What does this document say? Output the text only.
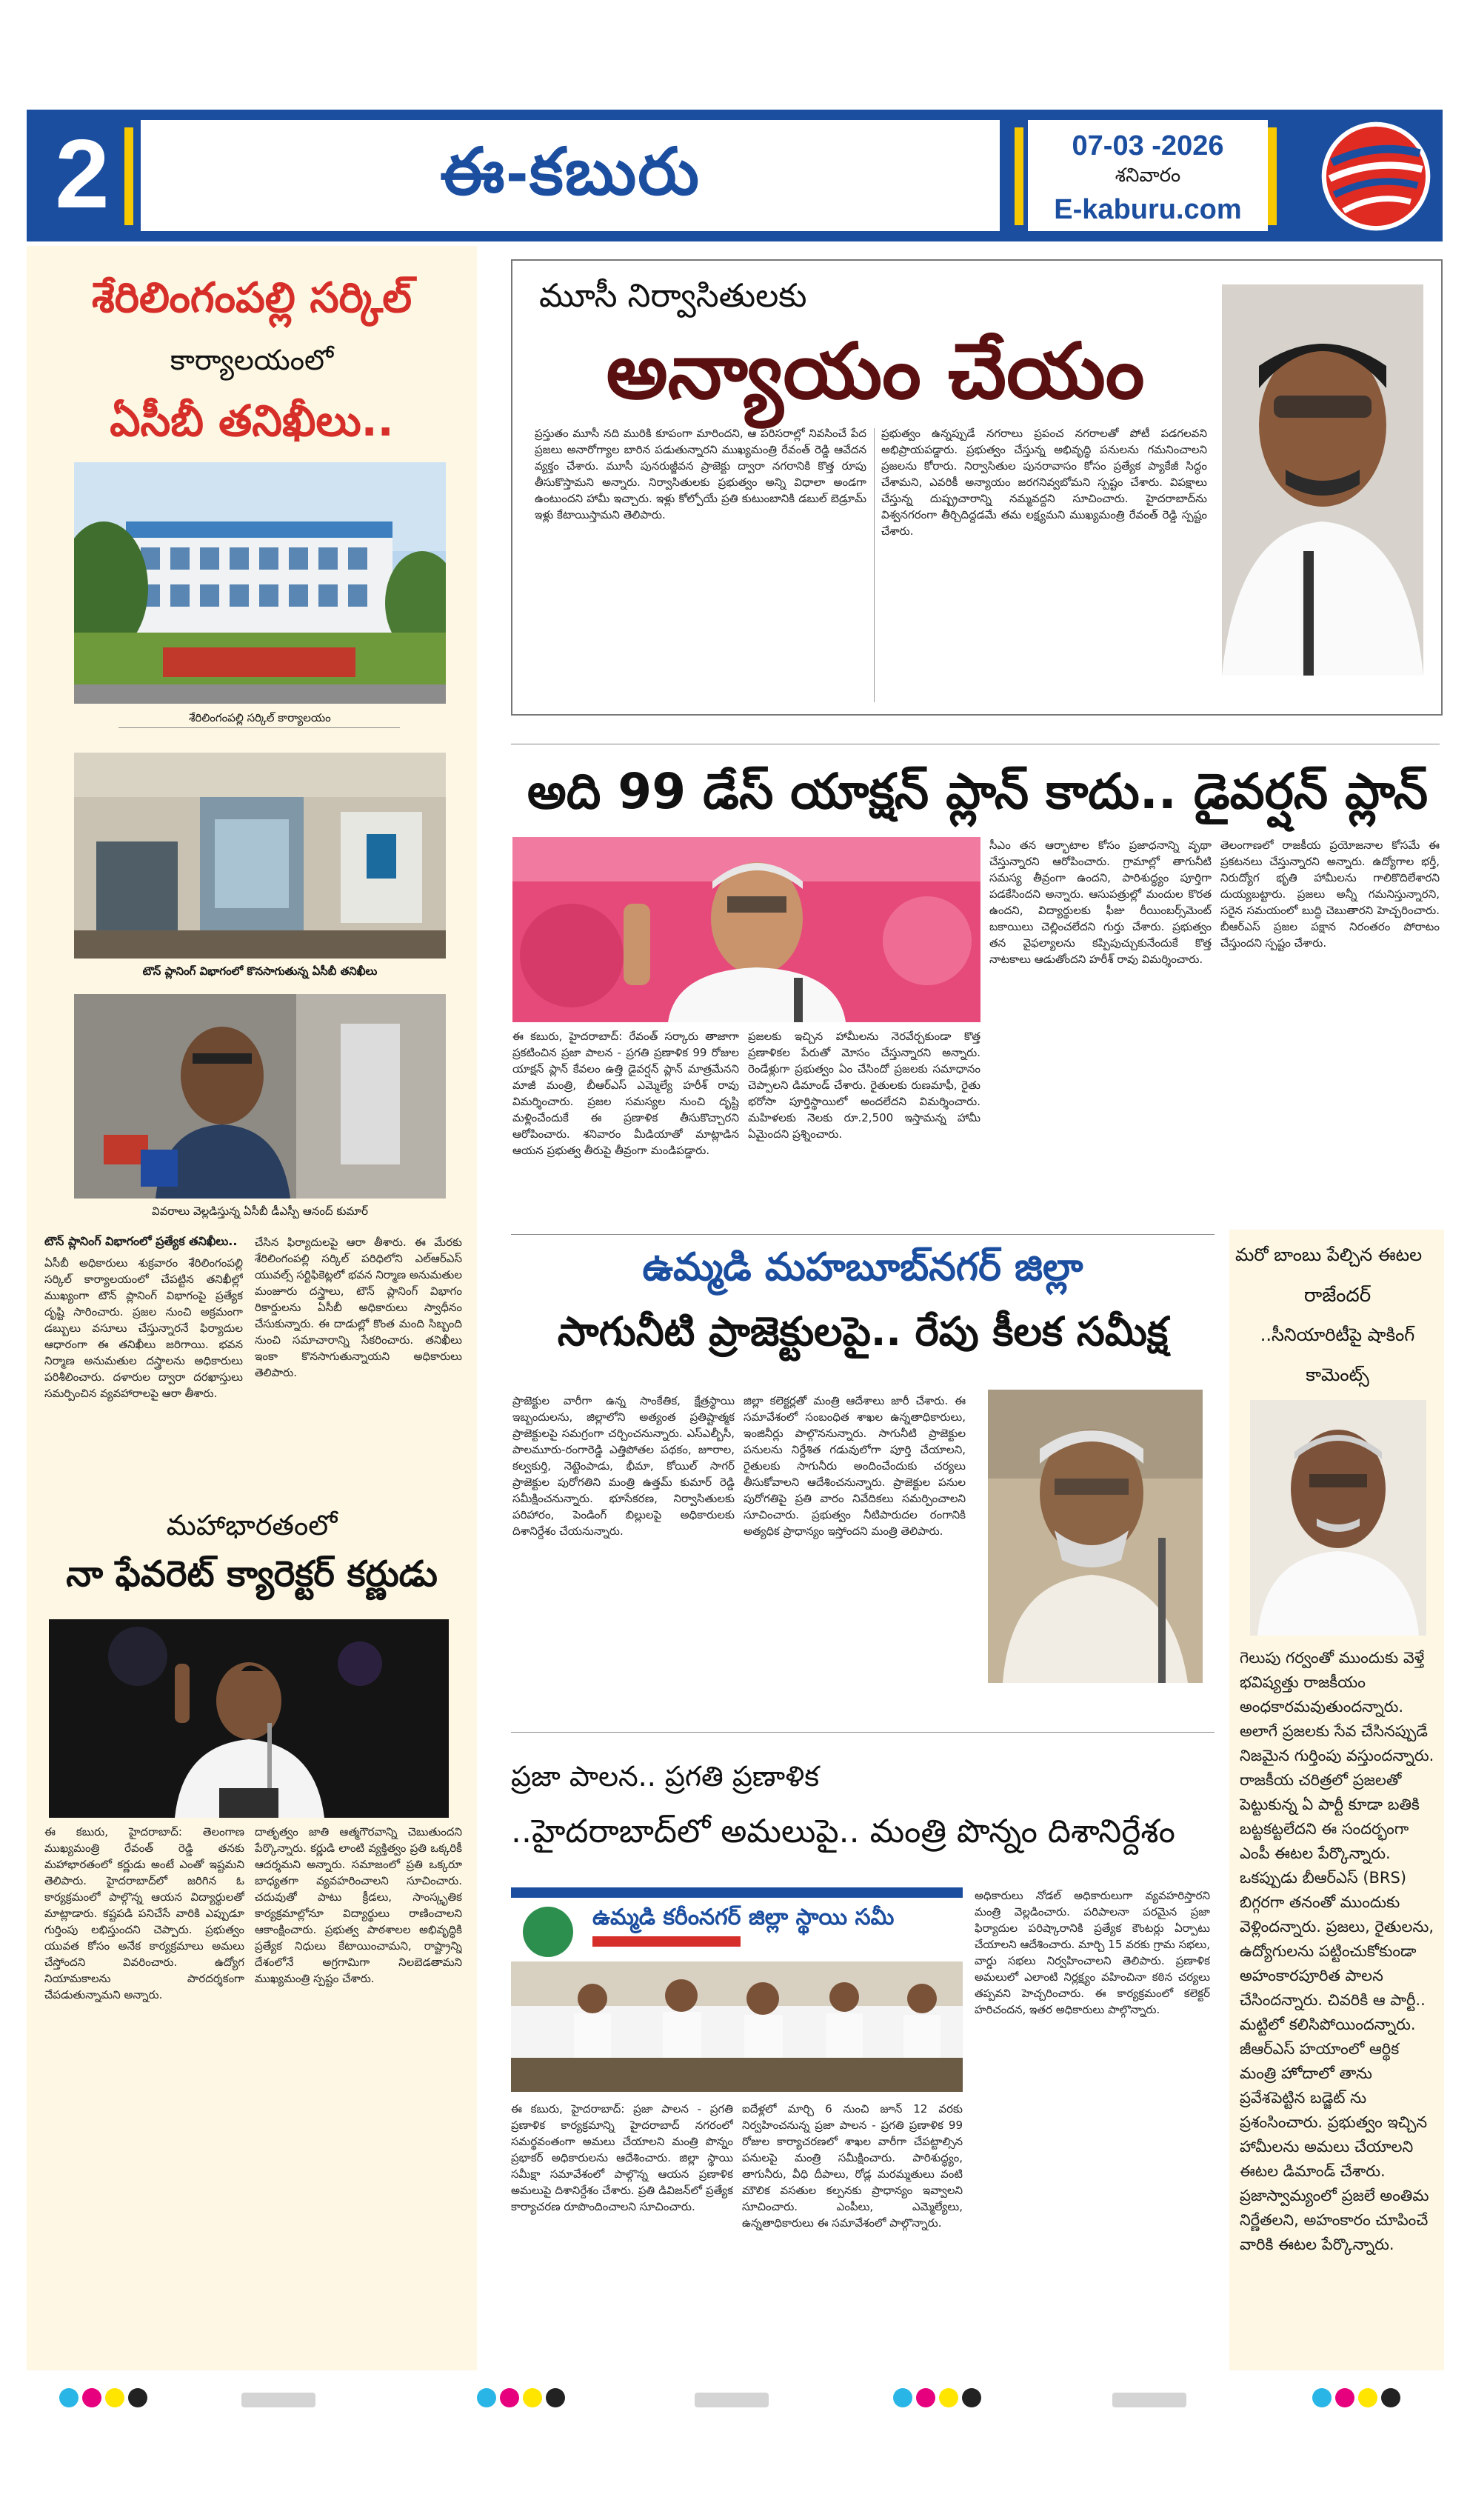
2	ఈ-కబురు	07-03 -2026
శనివారం
E-kaburu.com
శేరిలింగంపల్లి సర్కిల్
కార్యాలయంలో
ఏసీబీ తనిఖీలు..
శేరిలింగంపల్లి సర్కిల్ కార్యాలయం
టౌన్ ప్లానింగ్ విభాగంలో కొనసాగుతున్న ఏసీబీ తనిఖీలు
వివరాలు వెల్లడిస్తున్న ఏసీబీ డీఎస్పీ ఆనంద్ కుమార్
టౌన్ ప్లానింగ్ విభాగంలో ప్రత్యేక తనిఖీలు..
ఏసీబీ అధికారులు శుక్రవారం శేరిలింగంపల్లి సర్కిల్ కార్యాలయంలో చేపట్టిన తనిఖీల్లో ముఖ్యంగా టౌన్ ప్లానింగ్ విభాగంపై ప్రత్యేక దృష్టి సారించారు. ప్రజల నుంచి అక్రమంగా డబ్బులు వసూలు చేస్తున్నారనే ఫిర్యాదుల ఆధారంగా ఈ తనిఖీలు జరిగాయి. భవన నిర్మాణ అనుమతుల దస్త్రాలను అధికారులు పరిశీలించారు. దళారుల ద్వారా దరఖాస్తులు సమర్పించిన వ్యవహారాలపై ఆరా తీశారు.
చేసిన ఫిర్యాదులపై ఆరా తీశారు. ఈ మేరకు శేరిలింగంపల్లి సర్కిల్ పరిధిలోని ఎల్ఆర్ఎస్ యువల్స్ సర్టిఫికెట్లలో భవన నిర్మాణ అనుమతుల మంజూరు దస్త్రాలు, టౌన్ ప్లానింగ్ విభాగం రికార్డులను ఏసీబీ అధికారులు స్వాధీనం చేసుకున్నారు. ఈ దాడుల్లో కొంత మంది సిబ్బంది నుంచి సమాచారాన్ని సేకరించారు. తనిఖీలు ఇంకా కొనసాగుతున్నాయని అధికారులు తెలిపారు.
మహాభారతంలో
నా ఫేవరెట్ క్యారెక్టర్ కర్ణుడు
ఈ కబురు, హైదరాబాద్: తెలంగాణ ముఖ్యమంత్రి రేవంత్ రెడ్డి తనకు మహాభారతంలో కర్ణుడు అంటే ఎంతో ఇష్టమని తెలిపారు. హైదరాబాద్‌లో జరిగిన ఓ కార్యక్రమంలో పాల్గొన్న ఆయన విద్యార్థులతో మాట్లాడారు. కష్టపడి పనిచేసే వారికి ఎప్పుడూ గుర్తింపు లభిస్తుందని చెప్పారు. ప్రభుత్వం యువత కోసం అనేక కార్యక్రమాలు అమలు చేస్తోందని వివరించారు. ఉద్యోగ నియామకాలను పారదర్శకంగా చేపడుతున్నామని అన్నారు.
దాతృత్వం జాతి ఆత్మగౌరవాన్ని చెబుతుందని పేర్కొన్నారు. కర్ణుడి లాంటి వ్యక్తిత్వం ప్రతి ఒక్కరికీ ఆదర్శమని అన్నారు. సమాజంలో ప్రతి ఒక్కరూ బాధ్యతగా వ్యవహరించాలని సూచించారు. చదువుతో పాటు క్రీడలు, సాంస్కృతిక కార్యక్రమాల్లోనూ విద్యార్థులు రాణించాలని ఆకాంక్షించారు. ప్రభుత్వ పాఠశాలల అభివృద్ధికి ప్రత్యేక నిధులు కేటాయించామని, రాష్ట్రాన్ని దేశంలోనే అగ్రగామిగా నిలబెడతామని ముఖ్యమంత్రి స్పష్టం చేశారు.
మూసీ నిర్వాసితులకు
అన్యాయం చేయం
ప్రస్తుతం మూసీ నది మురికి కూపంగా మారిందని, ఆ పరిసరాల్లో నివసించే పేద ప్రజలు అనారోగ్యాల బారిన పడుతున్నారని ముఖ్యమంత్రి రేవంత్ రెడ్డి ఆవేదన వ్యక్తం చేశారు. మూసీ పునరుజ్జీవన ప్రాజెక్టు ద్వారా నగరానికి కొత్త రూపు తీసుకొస్తామని అన్నారు. నిర్వాసితులకు ప్రభుత్వం అన్ని విధాలా అండగా ఉంటుందని హామీ ఇచ్చారు. ఇళ్లు కోల్పోయే ప్రతి కుటుంబానికి డబుల్ బెడ్రూమ్ ఇళ్లు కేటాయిస్తామని తెలిపారు.
ప్రభుత్వం ఉన్నప్పుడే నగరాలు ప్రపంచ నగరాలతో పోటీ పడగలవని అభిప్రాయపడ్డారు. ప్రభుత్వం చేస్తున్న అభివృద్ధి పనులను గమనించాలని ప్రజలను కోరారు. నిర్వాసితుల పునరావాసం కోసం ప్రత్యేక ప్యాకేజీ సిద్ధం చేశామని, ఎవరికీ అన్యాయం జరగనివ్వబోమని స్పష్టం చేశారు. విపక్షాలు చేస్తున్న దుష్ప్రచారాన్ని నమ్మవద్దని సూచించారు. హైదరాబాద్‌ను విశ్వనగరంగా తీర్చిదిద్దడమే తమ లక్ష్యమని ముఖ్యమంత్రి రేవంత్ రెడ్డి స్పష్టం చేశారు.
అది 99 డేస్ యాక్షన్ ప్లాన్ కాదు.. డైవర్షన్ ప్లాన్
ఈ కబురు, హైదరాబాద్: రేవంత్ సర్కారు తాజాగా ప్రకటించిన ప్రజా పాలన - ప్రగతి ప్రణాళిక 99 రోజుల యాక్షన్ ప్లాన్ కేవలం ఉత్తి డైవర్షన్ ప్లాన్ మాత్రమేనని మాజీ మంత్రి, బీఆర్ఎస్ ఎమ్మెల్యే హరీశ్ రావు విమర్శించారు. ప్రజల సమస్యల నుంచి దృష్టి మళ్లించేందుకే ఈ ప్రణాళిక తీసుకొచ్చారని ఆరోపించారు. శనివారం మీడియాతో మాట్లాడిన ఆయన ప్రభుత్వ తీరుపై తీవ్రంగా మండిపడ్డారు.
ప్రజలకు ఇచ్చిన హామీలను నెరవేర్చకుండా కొత్త ప్రణాళికల పేరుతో మోసం చేస్తున్నారని అన్నారు. రెండేళ్లుగా ప్రభుత్వం ఏం చేసిందో ప్రజలకు సమాధానం చెప్పాలని డిమాండ్ చేశారు. రైతులకు రుణమాఫీ, రైతు భరోసా పూర్తిస్థాయిలో అందలేదని విమర్శించారు. మహిళలకు నెలకు రూ.2,500 ఇస్తామన్న హామీ ఏమైందని ప్రశ్నించారు.
సీఎం తన ఆర్భాటాల కోసం ప్రజాధనాన్ని వృథా చేస్తున్నారని ఆరోపించారు. గ్రామాల్లో తాగునీటి సమస్య తీవ్రంగా ఉందని, పారిశుద్ధ్యం పూర్తిగా పడకేసిందని అన్నారు. ఆసుపత్రుల్లో మందుల కొరత ఉందని, విద్యార్థులకు ఫీజు రీయింబర్స్‌మెంట్ బకాయిలు చెల్లించలేదని గుర్తు చేశారు. ప్రభుత్వం తన వైఫల్యాలను కప్పిపుచ్చుకునేందుకే కొత్త నాటకాలు ఆడుతోందని హరీశ్ రావు విమర్శించారు.
తెలంగాణలో రాజకీయ ప్రయోజనాల కోసమే ఈ ప్రకటనలు చేస్తున్నారని అన్నారు. ఉద్యోగాల భర్తీ, నిరుద్యోగ భృతి హామీలను గాలికొదిలేశారని దుయ్యబట్టారు. ప్రజలు అన్నీ గమనిస్తున్నారని, సరైన సమయంలో బుద్ధి చెబుతారని హెచ్చరించారు. బీఆర్ఎస్ ప్రజల పక్షాన నిరంతరం పోరాటం చేస్తుందని స్పష్టం చేశారు.
ఉమ్మడి మహబూబ్‌నగర్ జిల్లా
సాగునీటి ప్రాజెక్టులపై.. రేపు కీలక సమీక్ష
ప్రాజెక్టుల వారీగా ఉన్న సాంకేతిక, క్షేత్రస్థాయి ఇబ్బందులను, జిల్లాలోని అత్యంత ప్రతిష్టాత్మక ప్రాజెక్టులపై సమగ్రంగా చర్చించనున్నారు. ఎస్ఎల్బీసీ, పాలమూరు-రంగారెడ్డి ఎత్తిపోతల పథకం, జూరాల, కల్వకుర్తి, నెట్టెంపాడు, భీమా, కోయిల్ సాగర్ ప్రాజెక్టుల పురోగతిని మంత్రి ఉత్తమ్ కుమార్ రెడ్డి సమీక్షించనున్నారు. భూసేకరణ, నిర్వాసితులకు పరిహారం, పెండింగ్ బిల్లులపై అధికారులకు దిశానిర్దేశం చేయనున్నారు.
జిల్లా కలెక్టర్లతో మంత్రి ఆదేశాలు జారీ చేశారు. ఈ సమావేశంలో సంబంధిత శాఖల ఉన్నతాధికారులు, ఇంజినీర్లు పాల్గొననున్నారు. సాగునీటి ప్రాజెక్టుల పనులను నిర్దేశిత గడువులోగా పూర్తి చేయాలని, రైతులకు సాగునీరు అందించేందుకు చర్యలు తీసుకోవాలని ఆదేశించనున్నారు. ప్రాజెక్టుల పనుల పురోగతిపై ప్రతి వారం నివేదికలు సమర్పించాలని సూచించారు. ప్రభుత్వం నీటిపారుదల రంగానికి అత్యధిక ప్రాధాన్యం ఇస్తోందని మంత్రి తెలిపారు.
మరో బాంబు పేల్చిన ఈటల
రాజేందర్
..సీనియారిటీపై షాకింగ్
కామెంట్స్
గెలుపు గర్వంతో ముందుకు వెళ్తే భవిష్యత్తు రాజకీయం అంధకారమవుతుందన్నారు. అలాగే ప్రజలకు సేవ చేసినప్పుడే నిజమైన గుర్తింపు వస్తుందన్నారు. రాజకీయ చరిత్రలో ప్రజలతో పెట్టుకున్న ఏ పార్టీ కూడా బతికి బట్టకట్టలేదని ఈ సందర్భంగా ఎంపీ ఈటల పేర్కొన్నారు. ఒకప్పుడు బీఆర్ఎస్ (BRS) బిగ్గరగా తనంతో ముందుకు వెళ్లిందన్నారు. ప్రజలు, రైతులను, ఉద్యోగులను పట్టించుకోకుండా అహంకారపూరిత పాలన చేసిందన్నారు. చివరికి ఆ పార్టీ.. మట్టిలో కలిసిపోయిందన్నారు. జీఆర్ఎస్ హయాంలో ఆర్థిక మంత్రి హోదాలో తాను ప్రవేశపెట్టిన బడ్జెట్ ను ప్రశంసించారు. ప్రభుత్వం ఇచ్చిన హామీలను అమలు చేయాలని ఈటల డిమాండ్ చేశారు. ప్రజాస్వామ్యంలో ప్రజలే అంతిమ నిర్ణేతలని, అహంకారం చూపించే వారికి ఈటల పేర్కొన్నారు.
ప్రజా పాలన.. ప్రగతి ప్రణాళిక
..హైదరాబాద్‌లో అమలుపై.. మంత్రి పొన్నం దిశానిర్దేశం
ఉమ్మడి కరీంనగర్ జిల్లా స్థాయి సమీ
ఈ కబురు, హైదరాబాద్: ప్రజా పాలన - ప్రగతి ప్రణాళిక కార్యక్రమాన్ని హైదరాబాద్ నగరంలో సమర్థవంతంగా అమలు చేయాలని మంత్రి పొన్నం ప్రభాకర్ అధికారులను ఆదేశించారు. జిల్లా స్థాయి సమీక్షా సమావేశంలో పాల్గొన్న ఆయన ప్రణాళిక అమలుపై దిశానిర్దేశం చేశారు. ప్రతి డివిజన్‌లో ప్రత్యేక కార్యాచరణ రూపొందించాలని సూచించారు.
ఐదేళ్లలో మార్చి 6 నుంచి జూన్ 12 వరకు నిర్వహించనున్న ప్రజా పాలన - ప్రగతి ప్రణాళిక 99 రోజుల కార్యాచరణలో శాఖల వారీగా చేపట్టాల్సిన పనులపై మంత్రి సమీక్షించారు. పారిశుద్ధ్యం, తాగునీరు, వీధి దీపాలు, రోడ్ల మరమ్మతులు వంటి మౌలిక వసతుల కల్పనకు ప్రాధాన్యం ఇవ్వాలని సూచించారు. ఎంపీలు, ఎమ్మెల్యేలు, ఉన్నతాధికారులు ఈ సమావేశంలో పాల్గొన్నారు.
అధికారులు నోడల్ అధికారులుగా వ్యవహరిస్తారని మంత్రి వెల్లడించారు. పరిపాలనా పరమైన ప్రజా ఫిర్యాదుల పరిష్కారానికి ప్రత్యేక కౌంటర్లు ఏర్పాటు చేయాలని ఆదేశించారు. మార్చి 15 వరకు గ్రామ సభలు, వార్డు సభలు నిర్వహించాలని తెలిపారు. ప్రణాళిక అమలులో ఎలాంటి నిర్లక్ష్యం వహించినా కఠిన చర్యలు తప్పవని హెచ్చరించారు. ఈ కార్యక్రమంలో కలెక్టర్ హరిచందన, ఇతర అధికారులు పాల్గొన్నారు.
